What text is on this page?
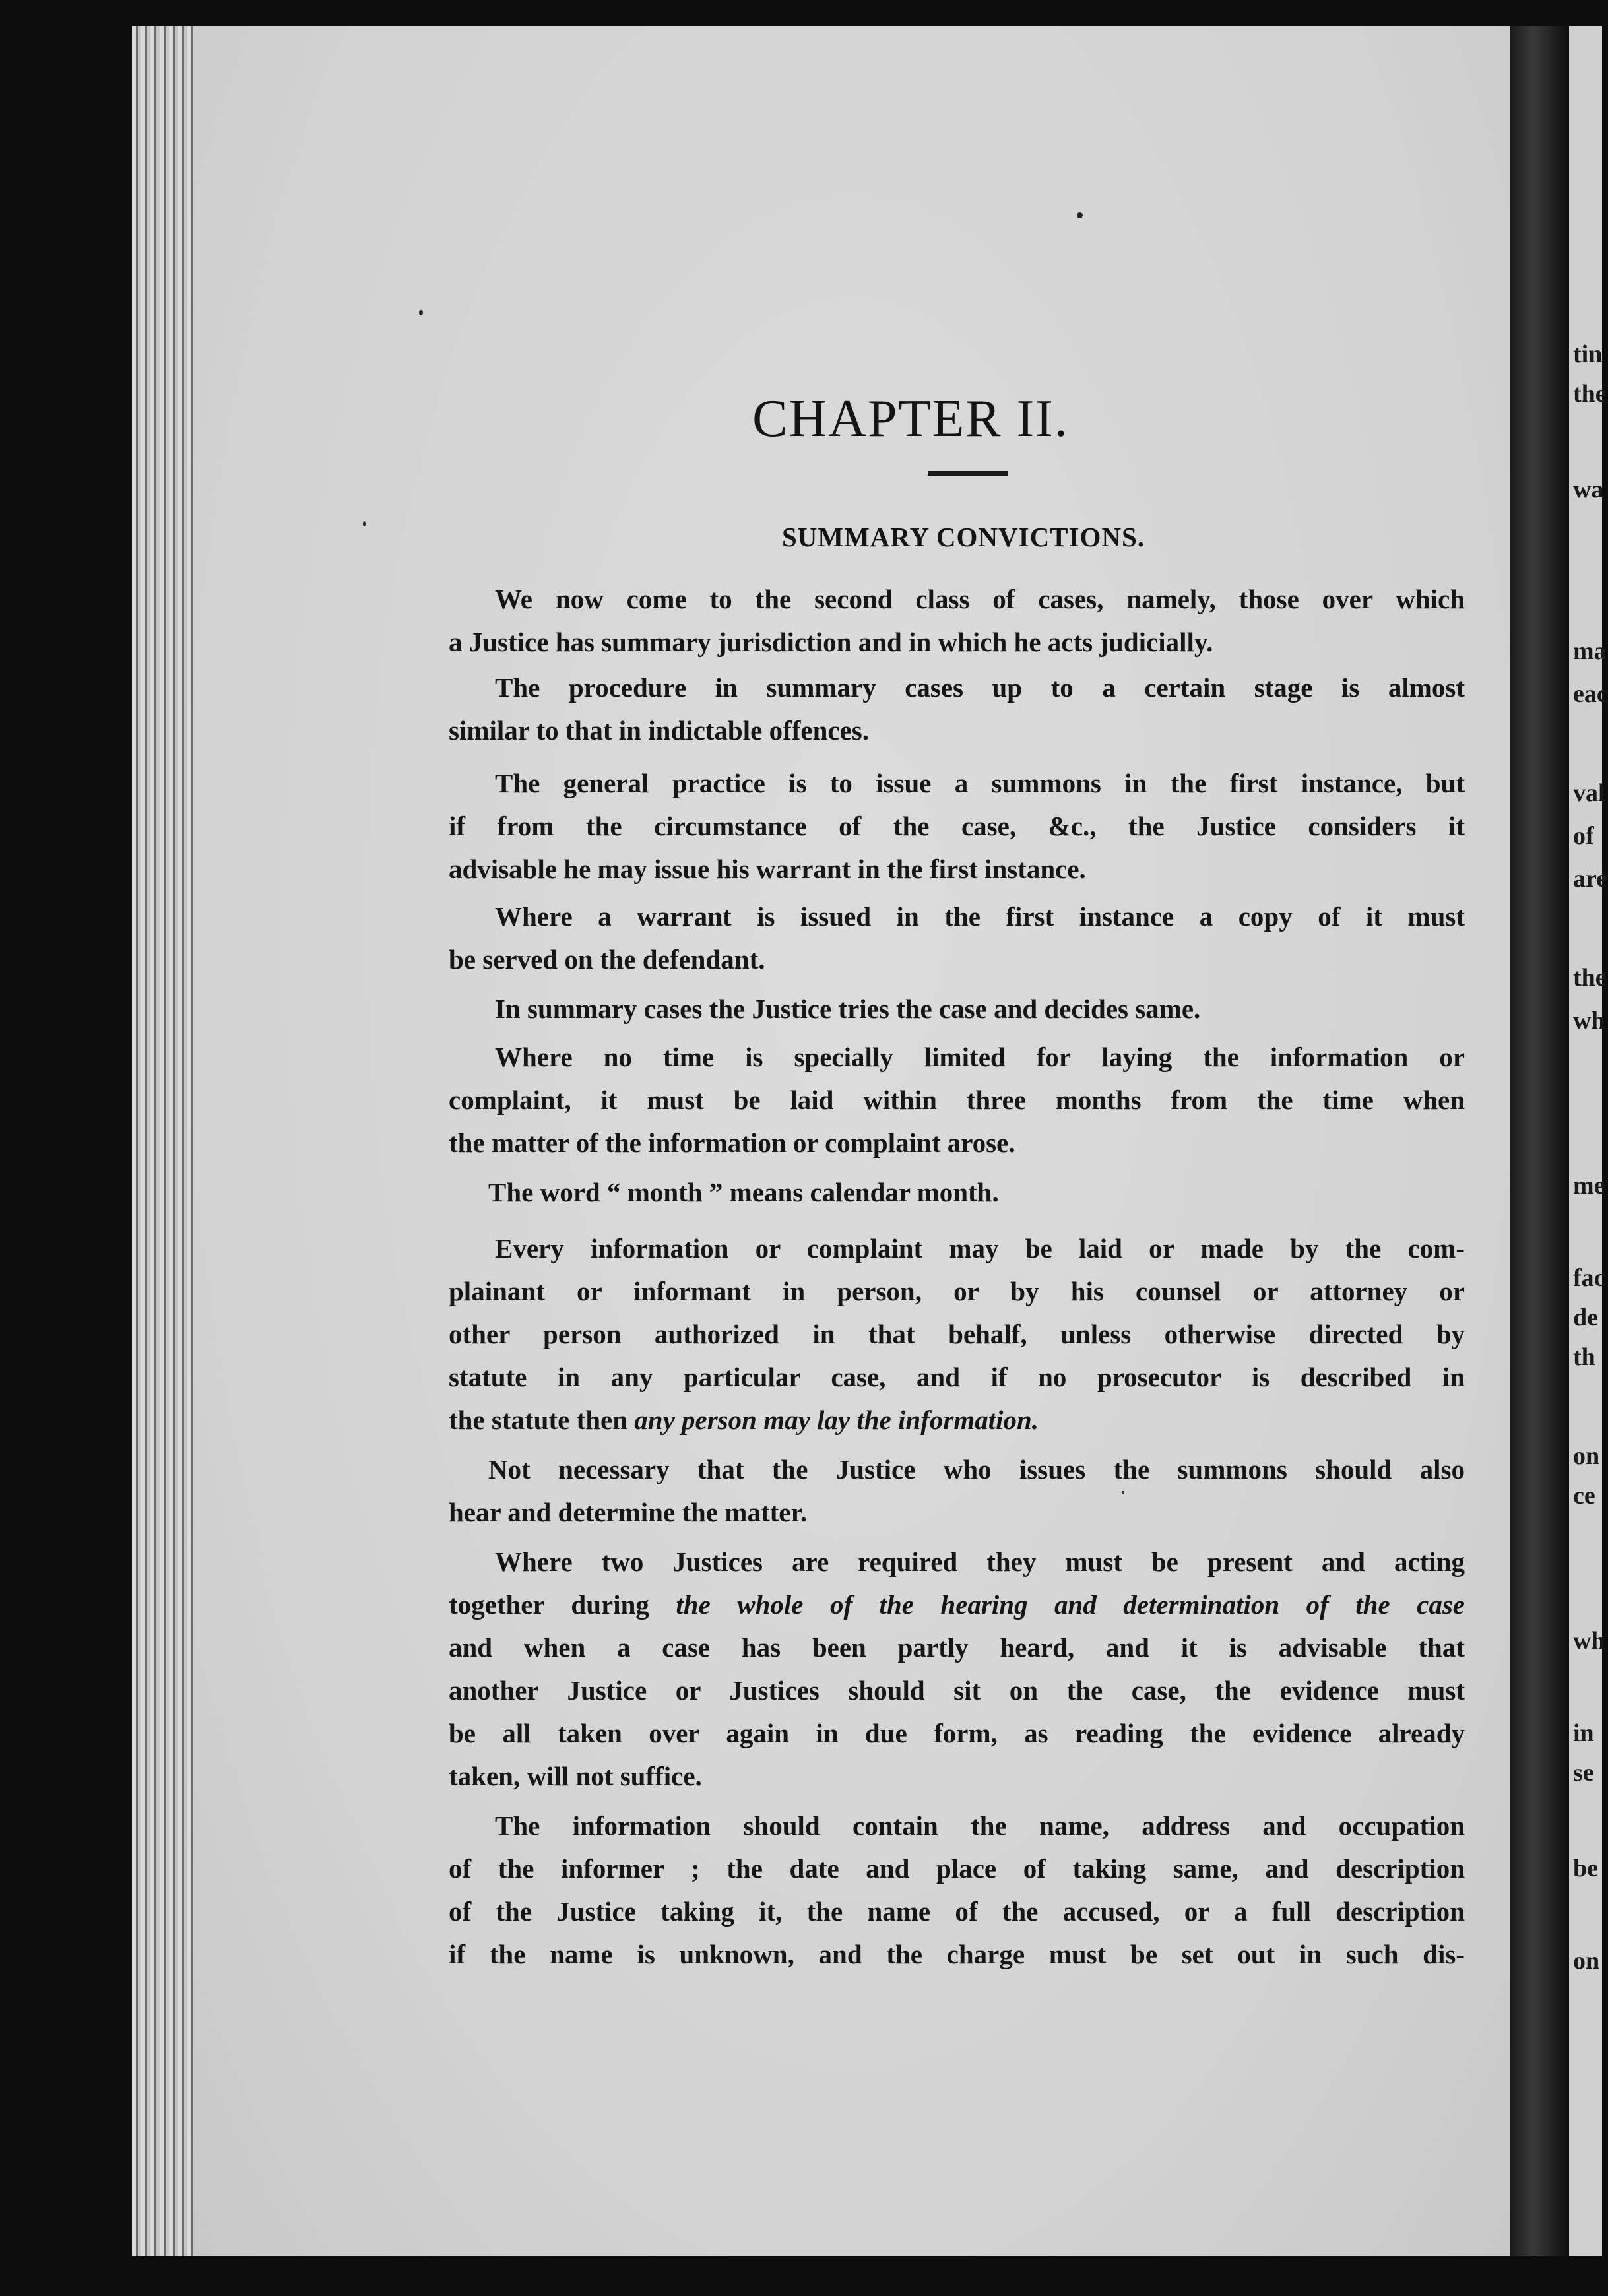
tin
the
wa
ma
eac
val
of
are
the
wh
me
fac
de
th
on
ce
wh
in
se
be
on
CHAPTER II.
SUMMARY CONVICTIONS.
We now come to the second class of cases, namely, those over which
a Justice has summary jurisdiction and in which he acts judicially.
The procedure in summary cases up to a certain stage is almost
similar to that in indictable offences.
The general practice is to issue a summons in the first instance, but
if from the circumstance of the case, &c., the Justice considers it
advisable he may issue his warrant in the first instance.
Where a warrant is issued in the first instance a copy of it must
be served on the defendant.
In summary cases the Justice tries the case and decides same.
Where no time is specially limited for laying the information or
complaint, it must be laid within three months from the time when
the matter of the information or complaint arose.
The word “ month ” means calendar month.
Every information or complaint may be laid or made by the com-
plainant or informant in person, or by his counsel or attorney or
other person authorized in that behalf, unless otherwise directed by
statute in any particular case, and if no prosecutor is described in
the statute then any person may lay the information.
Not necessary that the Justice who issues the summons should also
hear and determine the matter.
Where two Justices are required they must be present and acting
together during the whole of the hearing and determination of the case
and when a case has been partly heard, and it is advisable that
another Justice or Justices should sit on the case, the evidence must
be all taken over again in due form, as reading the evidence already
taken, will not suffice.
The information should contain the name, address and occupation
of the informer ; the date and place of taking same, and description
of the Justice taking it, the name of the accused, or a full description
if the name is unknown, and the charge must be set out in such dis-
